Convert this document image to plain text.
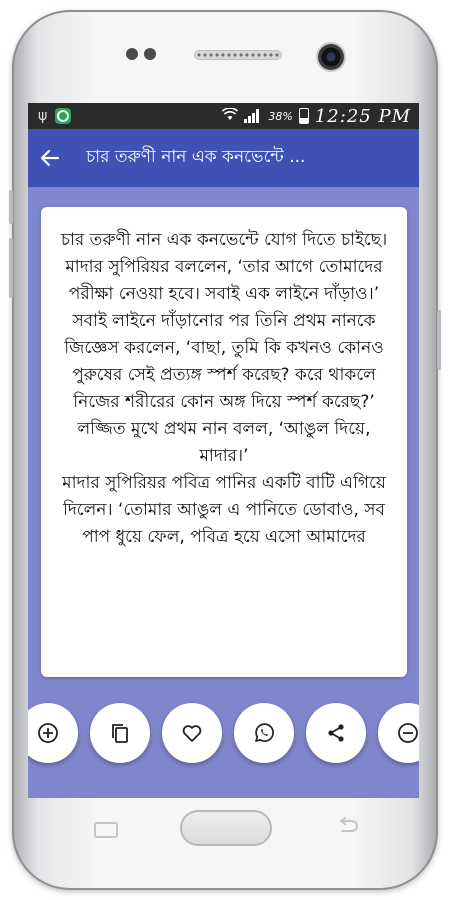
ψ	38% 12:25 PM
চার তরুণী নান এক কনভেন্টে ...

চার তরুণী নান এক কনভেন্টে যোগ দিতে চাইছে।

মাদার সুপিরিয়র বললেন, ‘তার আগে তোমাদের পরীক্ষা নেওয়া হবে। সবাই এক লাইনে দাঁড়াও।’

সবাই লাইনে দাঁড়ানোর পর তিনি প্রথম নানকে জিজ্ঞেস করলেন, ‘বাছা, তুমি কি কখনও কোনও পুরুষের সেই প্রত্যঙ্গ স্পর্শ করেছ? করে থাকলে নিজের শরীরের কোন অঙ্গ দিয়ে স্পর্শ করেছ?’

লজ্জিত মুখে প্রথম নান বলল, ‘আঙুল দিয়ে, মাদার।’

মাদার সুপিরিয়র পবিত্র পানির একটি বাটি এগিয়ে দিলেন। ‘তোমার আঙুল এ পানিতে ডোবাও, সব পাপ ধুয়ে ফেল, পবিত্র হয়ে এসো আমাদের
